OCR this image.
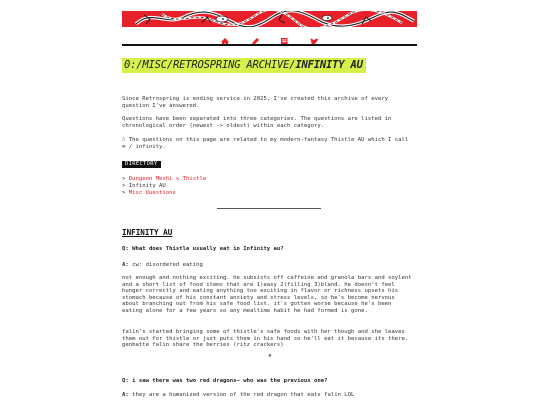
0:/MISC/RETROSPRING ARCHIVE/INFINITY AU
Since Retrospring is ending service in 2025, I've created this archive of every question I've answered.
Questions have been separated into three categories. The questions are listed in chronological order (newest -> oldest) within each category.
☃ The questions on this page are related to my modern-fantasy Thistle AU which I call ∞ / infinity.
DIRECTORY
> Dungeon Meshi x Thistle
> Infinity AU
> Misc Questions
INFINITY AU
Q: What does Thistle usually eat in Infinity au?
A: cw: disordered eating
not enough and nothing exciting. he subsists off caffeine and granola bars and soylent and a short list of food items that are 1)easy 2)filling 3)bland. he doesn't feel hunger correctly and eating anything too exciting in flavor or richness upsets his stomach because of his constant anxiety and stress levels, so he's become nervous about branching out from his safe food list. it's gotten worse because he's been eating alone for a few years so any mealtime habit he had formed is gone.
falin's started bringing some of thistle's safe foods with her though and she leaves them out for thistle or just puts them in his hand so he'll eat it because its there. genbatte falin share the berries (ritz crackers)
✵
Q: i saw there was two red dragons— who was the previous one?
A: they are a humanized version of the red dragon that eats falin LOL
